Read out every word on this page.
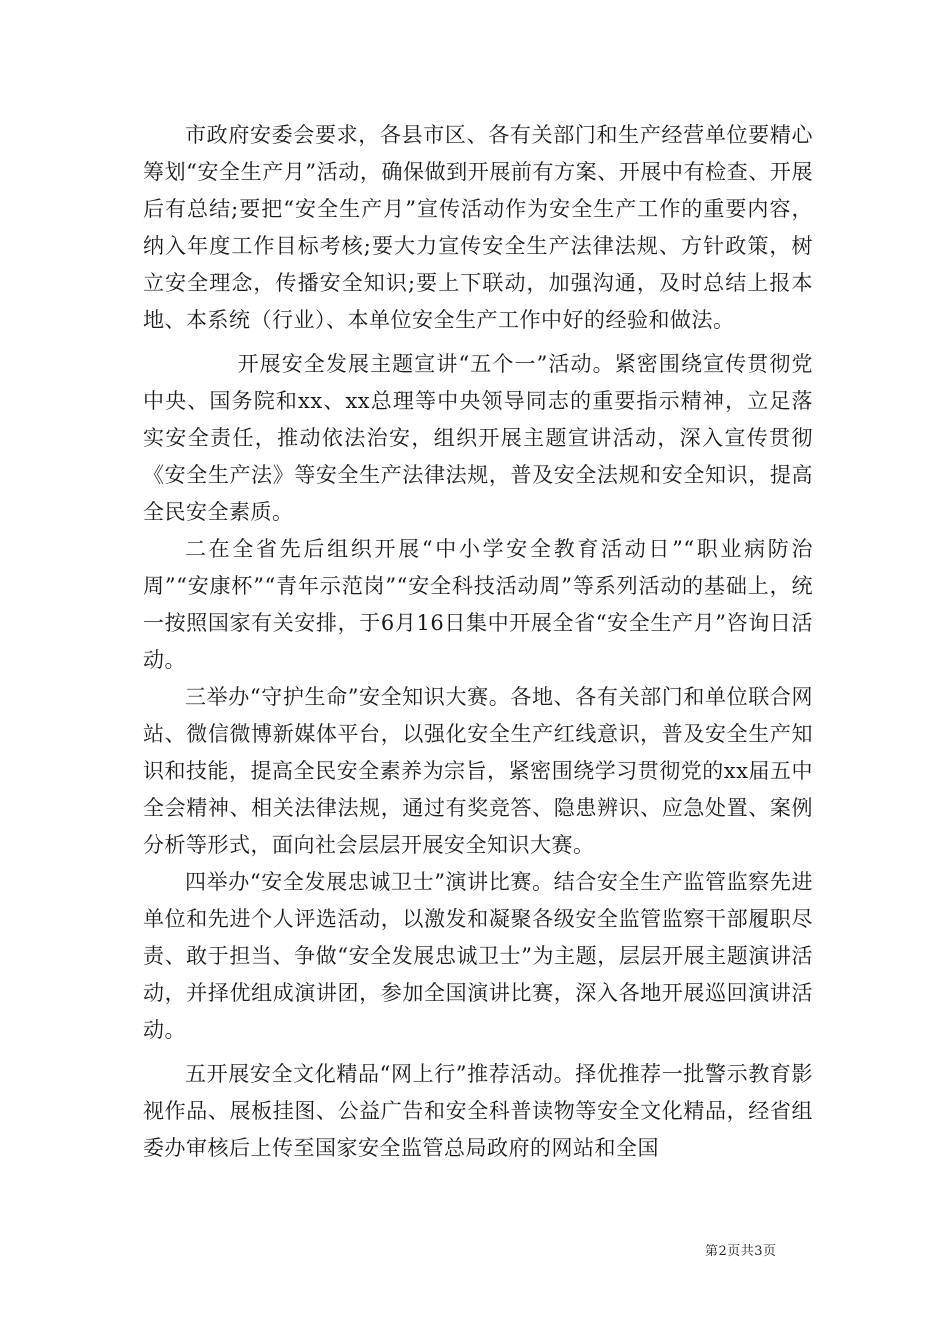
市政府安委会要求，各县市区、各有关部门和生产经营单位要精心筹划“安全生产月”活动，确保做到开展前有方案、开展中有检查、开展后有总结;要把“安全生产月”宣传活动作为安全生产工作的重要内容，纳入年度工作目标考核;要大力宣传安全生产法律法规、方针政策，树立安全理念，传播安全知识;要上下联动，加强沟通，及时总结上报本地、本系统（行业）、本单位安全生产工作中好的经验和做法。

开展安全发展主题宣讲“五个一”活动。紧密围绕宣传贯彻党中央、国务院和xx、xx总理等中央领导同志的重要指示精神，立足落实安全责任，推动依法治安，组织开展主题宣讲活动，深入宣传贯彻《安全生产法》等安全生产法律法规，普及安全法规和安全知识，提高全民安全素质。

二在全省先后组织开展“中小学安全教育活动日”“职业病防治周”“安康杯”“青年示范岗”“安全科技活动周”等系列活动的基础上，统一按照国家有关安排，于6月16日集中开展全省“安全生产月”咨询日活动。

三举办“守护生命”安全知识大赛。各地、各有关部门和单位联合网站、微信微博新媒体平台，以强化安全生产红线意识，普及安全生产知识和技能，提高全民安全素养为宗旨，紧密围绕学习贯彻党的xx届五中全会精神、相关法律法规，通过有奖竞答、隐患辨识、应急处置、案例分析等形式，面向社会层层开展安全知识大赛。

四举办“安全发展忠诚卫士”演讲比赛。结合安全生产监管监察先进单位和先进个人评选活动，以激发和凝聚各级安全监管监察干部履职尽责、敢于担当、争做“安全发展忠诚卫士”为主题，层层开展主题演讲活动，并择优组成演讲团，参加全国演讲比赛，深入各地开展巡回演讲活动。

五开展安全文化精品“网上行”推荐活动。择优推荐一批警示教育影视作品、展板挂图、公益广告和安全科普读物等安全文化精品，经省组委办审核后上传至国家安全监管总局政府的网站和全国

第2页共3页
